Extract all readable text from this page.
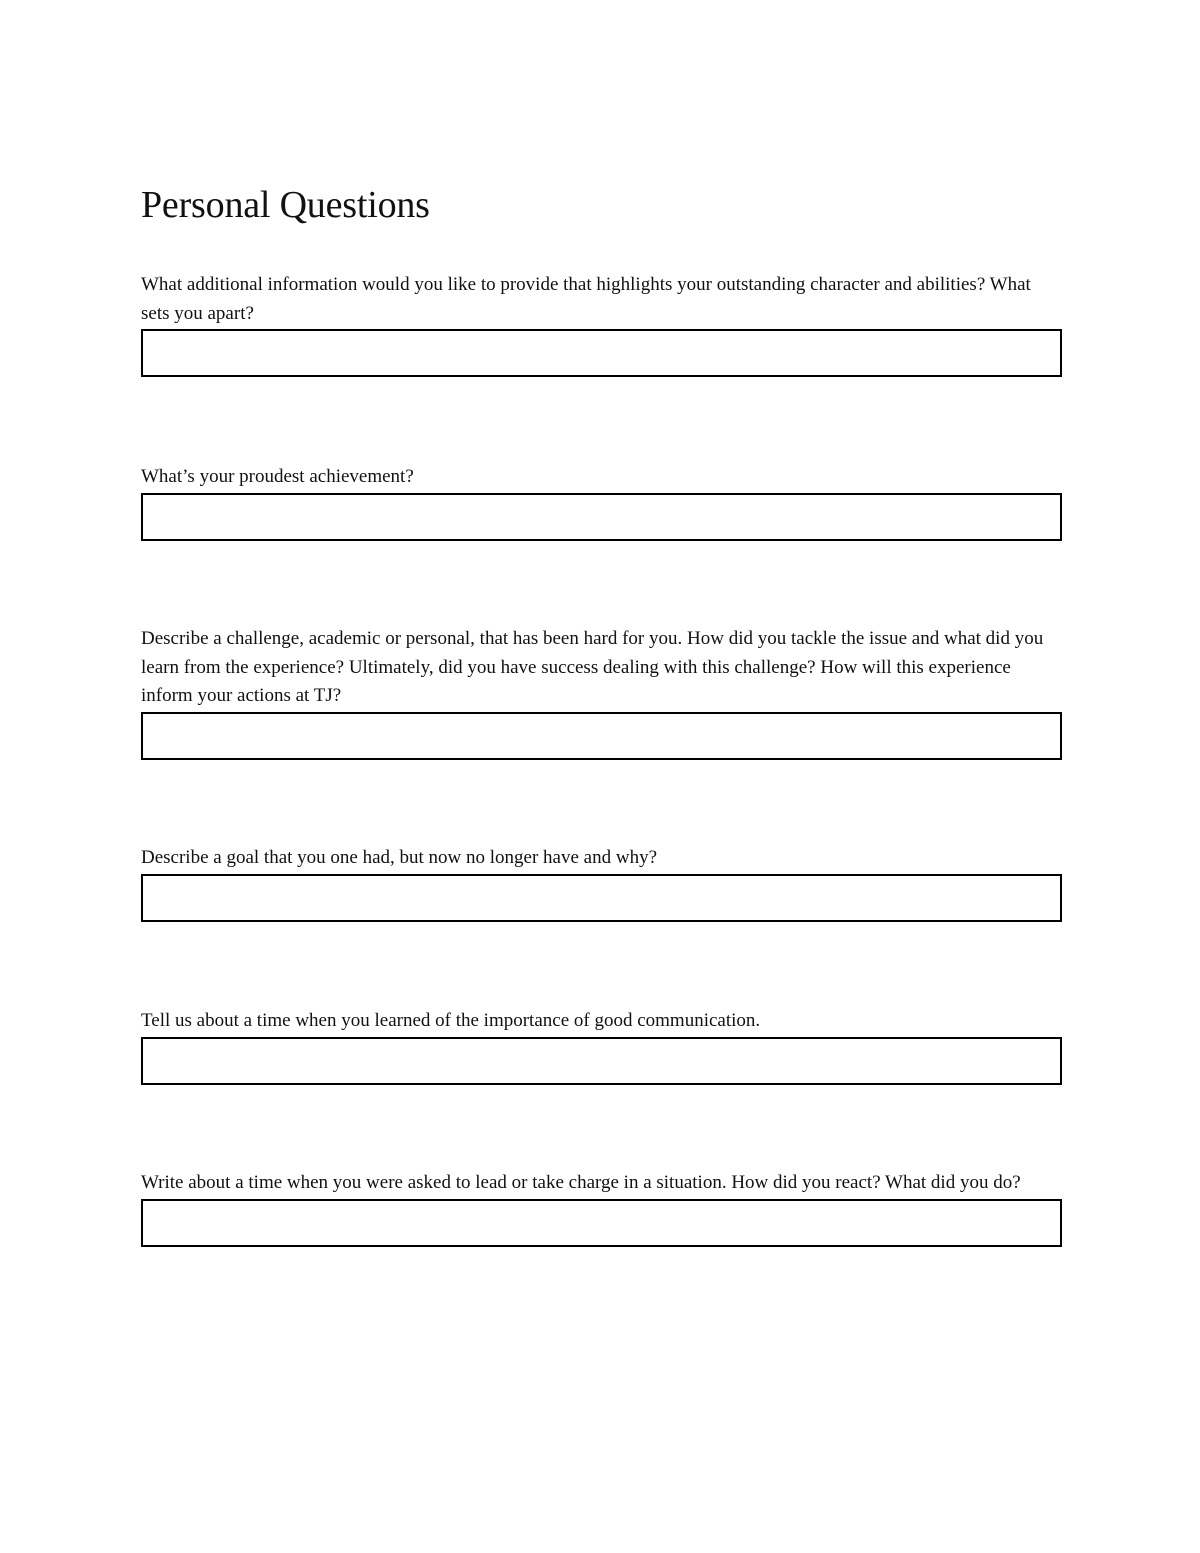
Personal Questions

What additional information would you like to provide that highlights your outstanding character and abilities? What sets you apart?

What’s your proudest achievement?

Describe a challenge, academic or personal, that has been hard for you. How did you tackle the issue and what did you learn from the experience? Ultimately, did you have success dealing with this challenge? How will this experience inform your actions at TJ?

Describe a goal that you one had, but now no longer have and why?

Tell us about a time when you learned of the importance of good communication.

Write about a time when you were asked to lead or take charge in a situation. How did you react? What did you do?
